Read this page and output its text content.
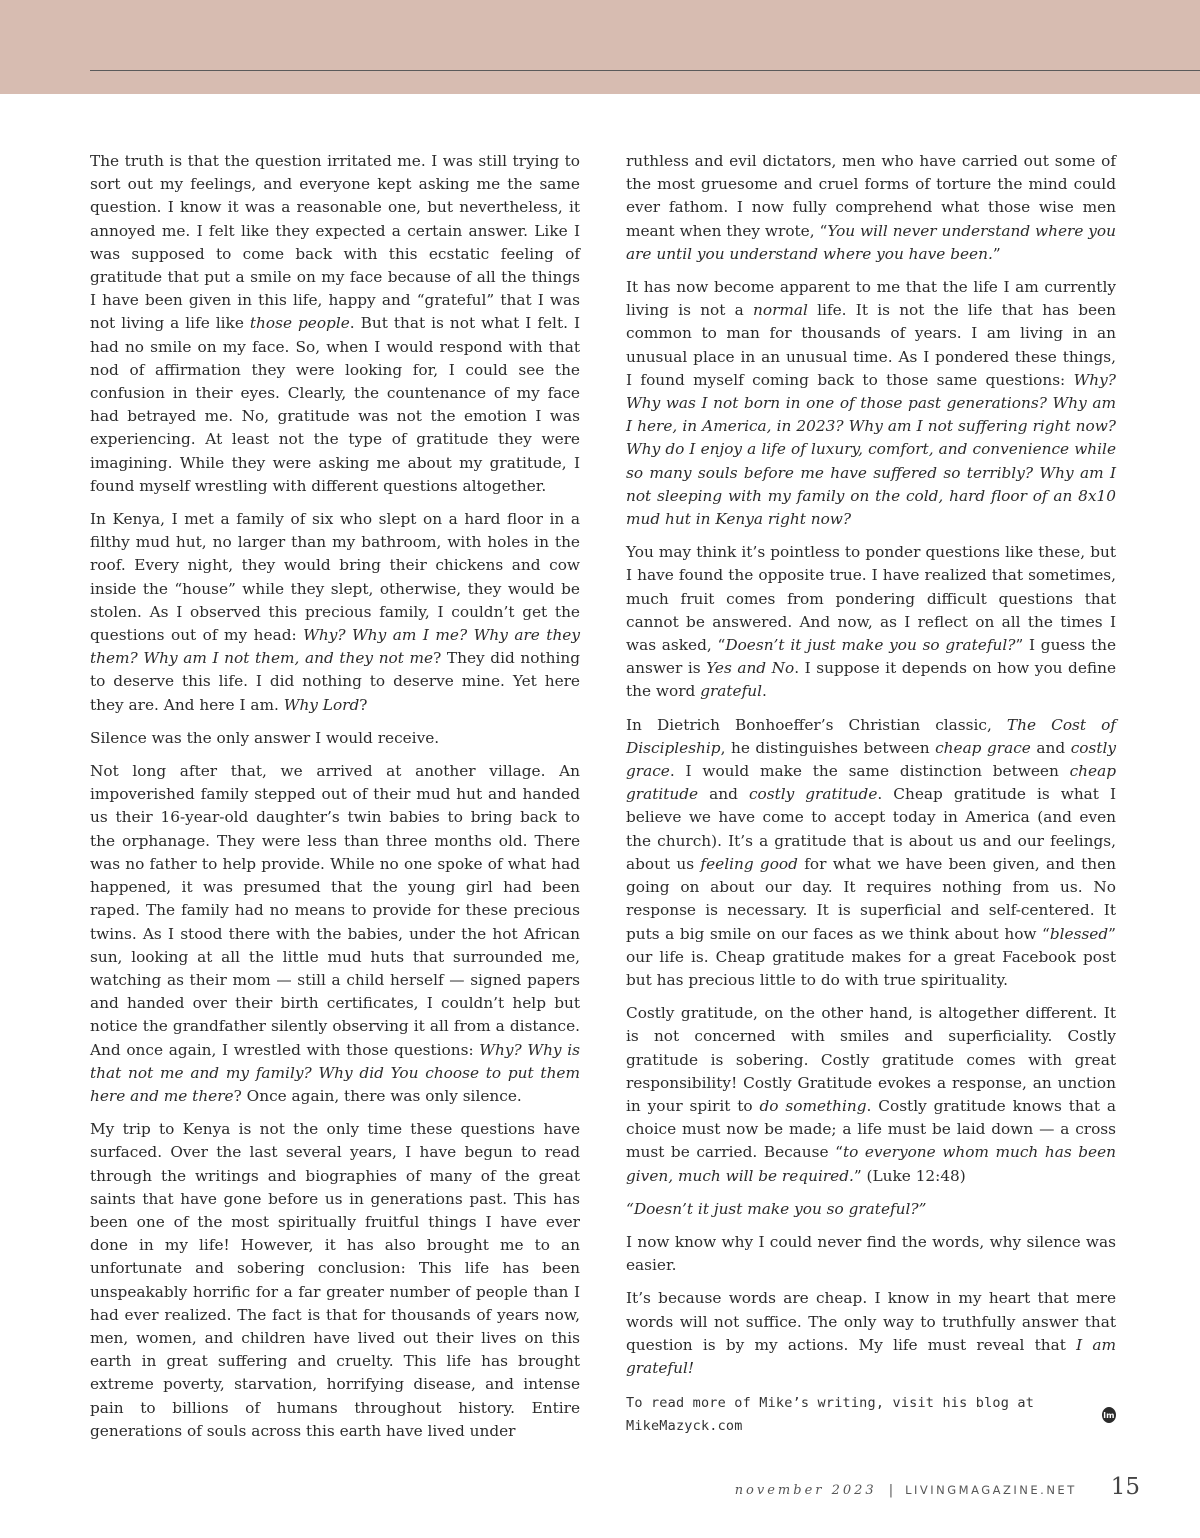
The truth is that the question irritated me. I was still trying to sort out my feelings, and everyone kept asking me the same question. I know it was a reasonable one, but nevertheless, it annoyed me. I felt like they expected a certain answer. Like I was supposed to come back with this ecstatic feeling of gratitude that put a smile on my face because of all the things I have been given in this life, happy and “grateful” that I was not living a life like those people. But that is not what I felt. I had no smile on my face. So, when I would respond with that nod of affirmation they were looking for, I could see the confusion in their eyes. Clearly, the countenance of my face had betrayed me. No, gratitude was not the emotion I was experiencing. At least not the type of gratitude they were imagining. While they were asking me about my gratitude, I found myself wrestling with different questions altogether.

In Kenya, I met a family of six who slept on a hard floor in a filthy mud hut, no larger than my bathroom, with holes in the roof. Every night, they would bring their chickens and cow inside the “house” while they slept, otherwise, they would be stolen. As I observed this precious family, I couldn’t get the questions out of my head: Why? Why am I me? Why are they them? Why am I not them, and they not me? They did nothing to deserve this life. I did nothing to deserve mine. Yet here they are. And here I am. Why Lord?

Silence was the only answer I would receive.

Not long after that, we arrived at another village. An impoverished family stepped out of their mud hut and handed us their 16-year-old daughter’s twin babies to bring back to the orphanage. They were less than three months old. There was no father to help provide. While no one spoke of what had happened, it was presumed that the young girl had been raped. The family had no means to provide for these precious twins. As I stood there with the babies, under the hot African sun, looking at all the little mud huts that surrounded me, watching as their mom — still a child herself — signed papers and handed over their birth certificates, I couldn’t help but notice the grandfather silently observing it all from a distance. And once again, I wrestled with those questions: Why? Why is that not me and my family? Why did You choose to put them here and me there? Once again, there was only silence.

My trip to Kenya is not the only time these questions have surfaced. Over the last several years, I have begun to read through the writings and biographies of many of the great saints that have gone before us in generations past. This has been one of the most spiritually fruitful things I have ever done in my life! However, it has also brought me to an unfortunate and sobering conclusion: This life has been unspeakably horrific for a far greater number of people than I had ever realized. The fact is that for thousands of years now, men, women, and children have lived out their lives on this earth in great suffering and cruelty. This life has brought extreme poverty, starvation, horrifying disease, and intense pain to billions of humans throughout history. Entire generations of souls across this earth have lived under

ruthless and evil dictators, men who have carried out some of the most gruesome and cruel forms of torture the mind could ever fathom. I now fully comprehend what those wise men meant when they wrote, “You will never understand where you are until you understand where you have been.”

It has now become apparent to me that the life I am currently living is not a normal life. It is not the life that has been common to man for thousands of years. I am living in an unusual place in an unusual time. As I pondered these things, I found myself coming back to those same questions: Why? Why was I not born in one of those past generations? Why am I here, in America, in 2023? Why am I not suffering right now? Why do I enjoy a life of luxury, comfort, and convenience while so many souls before me have suffered so terribly? Why am I not sleeping with my family on the cold, hard floor of an 8x10 mud hut in Kenya right now?

You may think it’s pointless to ponder questions like these, but I have found the opposite true. I have realized that sometimes, much fruit comes from pondering difficult questions that cannot be answered. And now, as I reflect on all the times I was asked, “Doesn’t it just make you so grateful?” I guess the answer is Yes and No. I suppose it depends on how you define the word grateful.

In Dietrich Bonhoeffer’s Christian classic, The Cost of Discipleship, he distinguishes between cheap grace and costly grace. I would make the same distinction between cheap gratitude and costly gratitude. Cheap gratitude is what I believe we have come to accept today in America (and even the church). It’s a gratitude that is about us and our feelings, about us feeling good for what we have been given, and then going on about our day. It requires nothing from us. No response is necessary. It is superficial and self-centered. It puts a big smile on our faces as we think about how “blessed” our life is. Cheap gratitude makes for a great Facebook post but has precious little to do with true spirituality.

Costly gratitude, on the other hand, is altogether different. It is not concerned with smiles and superficiality. Costly gratitude is sobering. Costly gratitude comes with great responsibility! Costly Gratitude evokes a response, an unction in your spirit to do something. Costly gratitude knows that a choice must now be made; a life must be laid down — a cross must be carried. Because “to everyone whom much has been given, much will be required.” (Luke 12:48)

“Doesn’t it just make you so grateful?”

I now know why I could never find the words, why silence was easier.

It’s because words are cheap. I know in my heart that mere words will not suffice. The only way to truthfully answer that question is by my actions. My life must reveal that I am grateful!

To read more of Mike’s writing, visit his blog at MikeMazyck.com
lm
november 2023 | LIVINGMAGAZINE.NET 15
